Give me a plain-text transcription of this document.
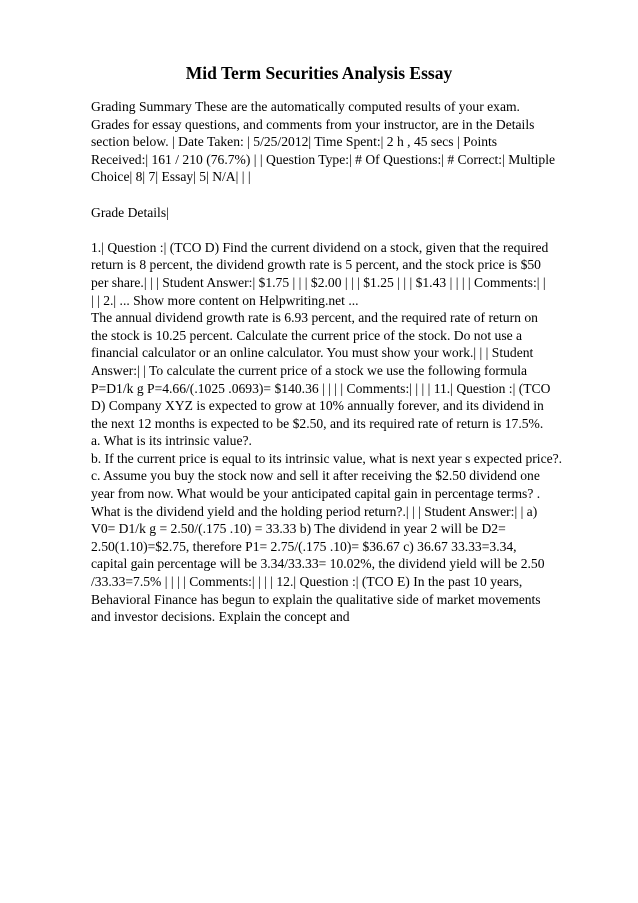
Mid Term Securities Analysis Essay
Grading Summary These are the automatically computed results of your exam.
Grades for essay questions, and comments from your instructor, are in the Details
section below. | Date Taken: | 5/25/2012| Time Spent:| 2 h , 45 secs | Points
Received:| 161 / 210 (76.7%) | | Question Type:| # Of Questions:| # Correct:| Multiple
Choice| 8| 7| Essay| 5| N/A| | |
Grade Details|
1.| Question :| (TCO D) Find the current dividend on a stock, given that the required
return is 8 percent, the dividend growth rate is 5 percent, and the stock price is $50
per share.| | | Student Answer:| $1.75 | | | $2.00 | | | $1.25 | | | $1.43 | | | | Comments:| |
| | 2.| ... Show more content on Helpwriting.net ...
The annual dividend growth rate is 6.93 percent, and the required rate of return on
the stock is 10.25 percent. Calculate the current price of the stock. Do not use a
financial calculator or an online calculator. You must show your work.| | | Student
Answer:| | To calculate the current price of a stock we use the following formula
P=D1/k g P=4.66/(.1025 .0693)= $140.36 | | | | Comments:| | | | 11.| Question :| (TCO
D) Company XYZ is expected to grow at 10% annually forever, and its dividend in
the next 12 months is expected to be $2.50, and its required rate of return is 17.5%.
a. What is its intrinsic value?.
b. If the current price is equal to its intrinsic value, what is next year s expected price?.
c. Assume you buy the stock now and sell it after receiving the $2.50 dividend one
year from now. What would be your anticipated capital gain in percentage terms? .
What is the dividend yield and the holding period return?.| | | Student Answer:| | a)
V0= D1/k g = 2.50/(.175 .10) = 33.33 b) The dividend in year 2 will be D2=
2.50(1.10)=$2.75, therefore P1= 2.75/(.175 .10)= $36.67 c) 36.67 33.33=3.34,
capital gain percentage will be 3.34/33.33= 10.02%, the dividend yield will be 2.50
/33.33=7.5% | | | | Comments:| | | | 12.| Question :| (TCO E) In the past 10 years,
Behavioral Finance has begun to explain the qualitative side of market movements
and investor decisions. Explain the concept and
